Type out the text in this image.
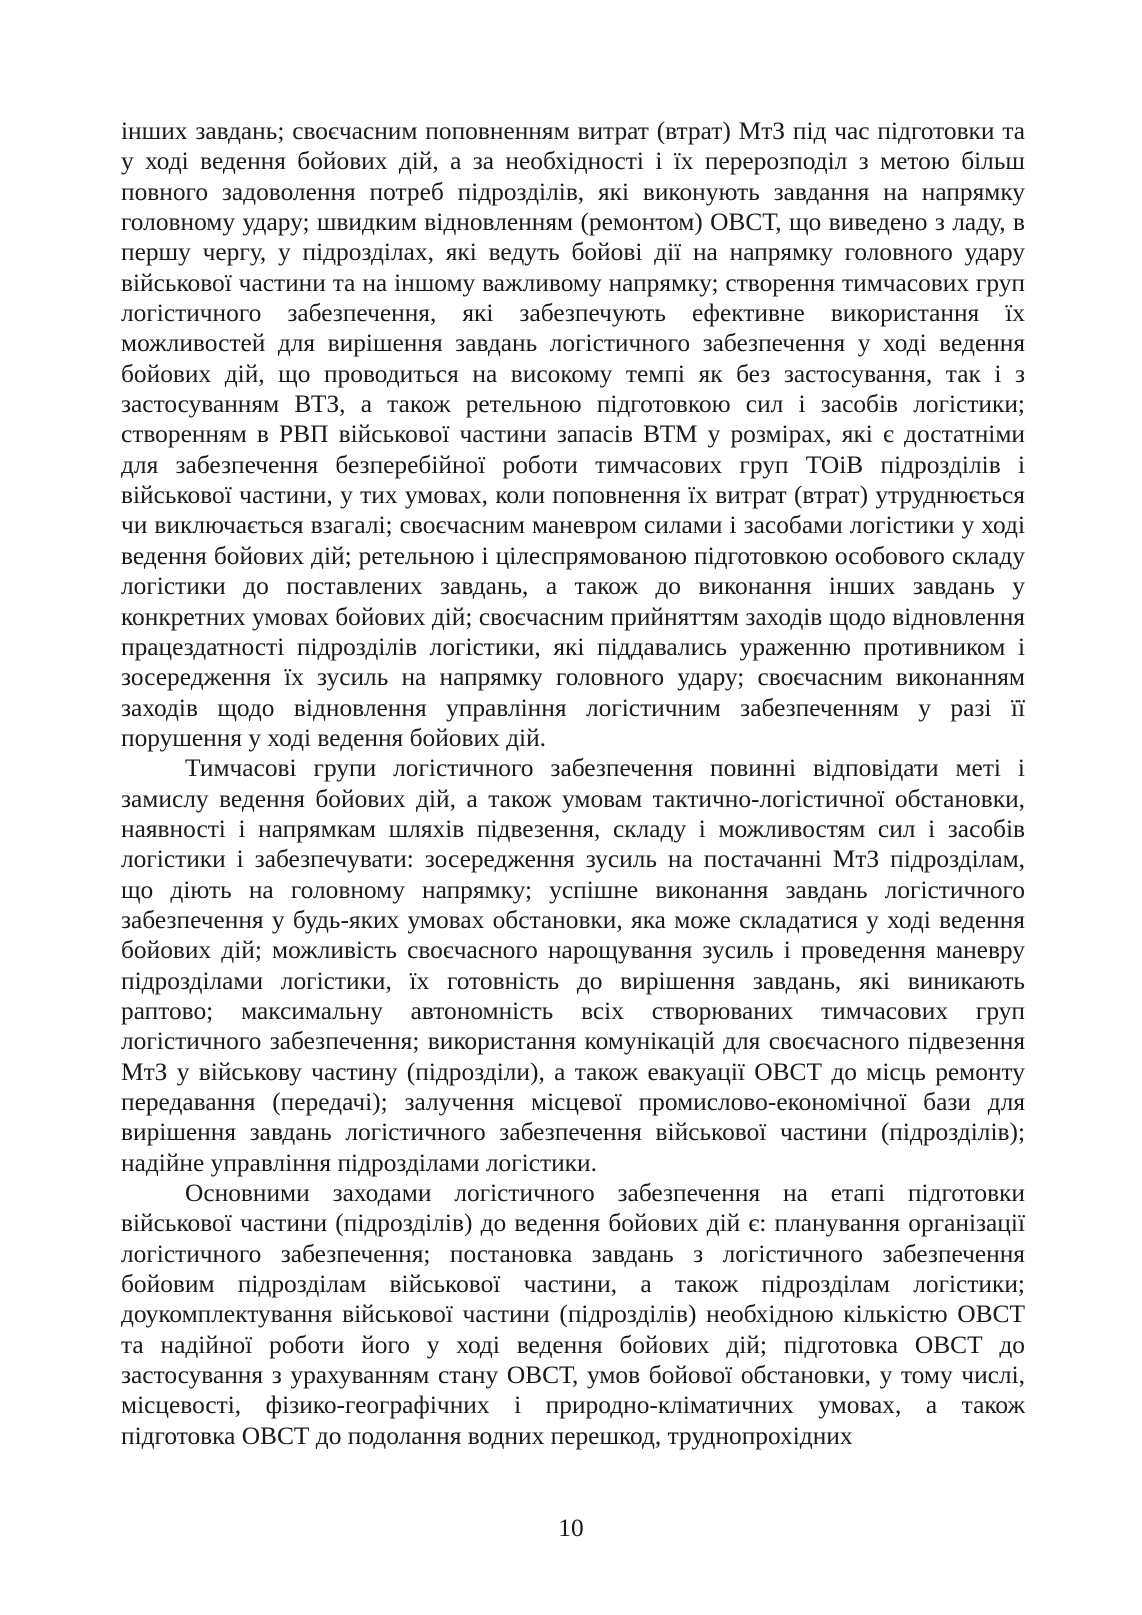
інших завдань; своєчасним поповненням витрат (втрат) МтЗ під час підготовки та у ході ведення бойових дій, а за необхідності і їх перерозподіл з метою більш повного задоволення потреб підрозділів, які виконують завдання на напрямку головному удару; швидким відновленням (ремонтом) ОВСТ, що виведено з ладу, в першу чергу, у підрозділах, які ведуть бойові дії на напрямку головного удару військової частини та на іншому важливому напрямку; створення тимчасових груп логістичного забезпечення, які забезпечують ефективне використання їх можливостей для вирішення завдань логістичного забезпечення у ході ведення бойових дій, що проводиться на високому темпі як без застосування, так і з застосуванням ВТЗ, а також ретельною підготовкою сил і засобів логістики; створенням в РВП військової частини запасів ВТМ у розмірах, які є достатніми для забезпечення безперебійної роботи тимчасових груп ТОіВ підрозділів і військової частини, у тих умовах, коли поповнення їх витрат (втрат) утруднюється чи виключається взагалі; своєчасним маневром силами і засобами логістики у ході ведення бойових дій; ретельною і цілеспрямованою підготовкою особового складу логістики до поставлених завдань, а також до виконання інших завдань у конкретних умовах бойових дій; своєчасним прийняттям заходів щодо відновлення працездатності підрозділів логістики, які піддавались ураженню противником і зосередження їх зусиль на напрямку головного удару; своєчасним виконанням заходів щодо відновлення управління логістичним забезпеченням у разі її порушення у ході ведення бойових дій.

Тимчасові групи логістичного забезпечення повинні відповідати меті і замислу ведення бойових дій, а також умовам тактично-логістичної обстановки, наявності і напрямкам шляхів підвезення, складу і можливостям сил і засобів логістики і забезпечувати: зосередження зусиль на постачанні МтЗ підрозділам, що діють на головному напрямку; успішне виконання завдань логістичного забезпечення у будь-яких умовах обстановки, яка може складатися у ході ведення бойових дій; можливість своєчасного нарощування зусиль і проведення маневру підрозділами логістики, їх готовність до вирішення завдань, які виникають раптово; максимальну автономність всіх створюваних тимчасових груп логістичного забезпечення; використання комунікацій для своєчасного підвезення МтЗ у військову частину (підрозділи), а також евакуації ОВСТ до місць ремонту передавання (передачі); залучення місцевої промислово-економічної бази для вирішення завдань логістичного забезпечення військової частини (підрозділів); надійне управління підрозділами логістики.

Основними заходами логістичного забезпечення на етапі підготовки військової частини (підрозділів) до ведення бойових дій є: планування організації логістичного забезпечення; постановка завдань з логістичного забезпечення бойовим підрозділам військової частини, а також підрозділам логістики; доукомплектування військової частини (підрозділів) необхідною кількістю ОВСТ та надійної роботи його у ході ведення бойових дій; підготовка ОВСТ до застосування з урахуванням стану ОВСТ, умов бойової обстановки, у тому числі, місцевості, фізико-географічних і природно-кліматичних умовах, а також підготовка ОВСТ до подолання водних перешкод, труднопрохідних

10
